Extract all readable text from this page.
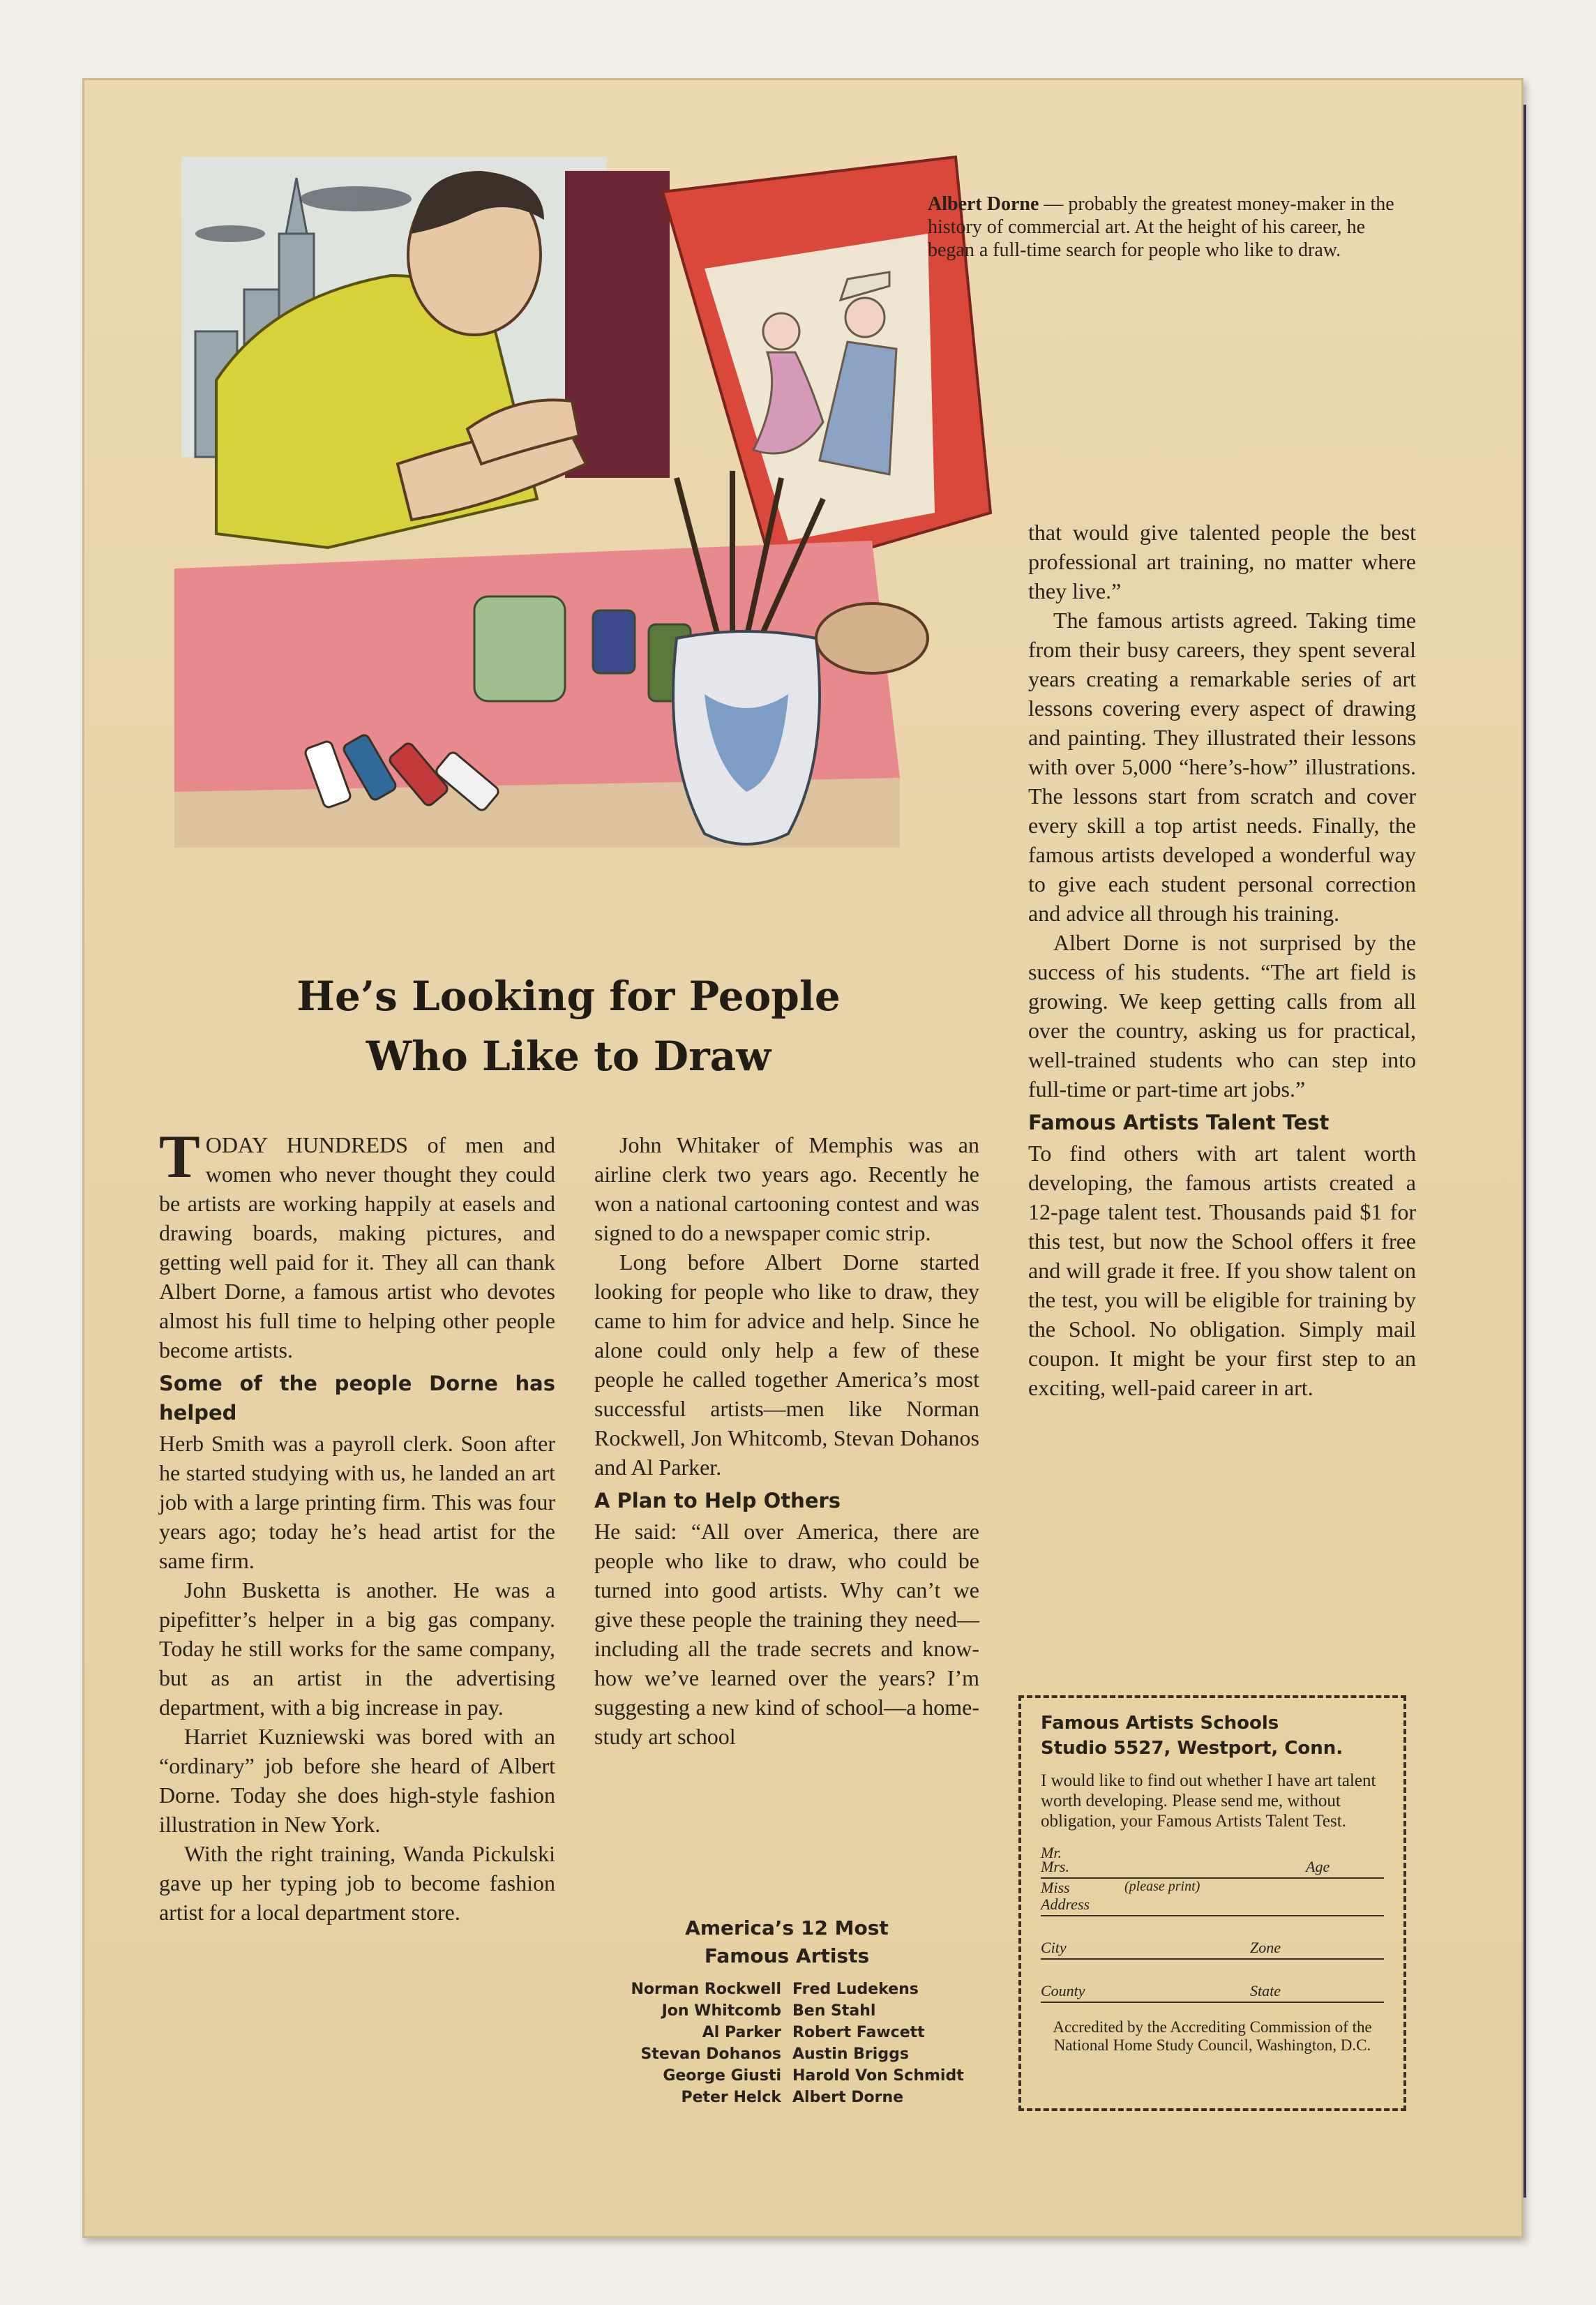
Albert Dorne — probably the greatest money-maker in the history of commercial art. At the height of his career, he began a full-time search for people who like to draw.
He’s Looking for People
Who Like to Draw

TODAY HUNDREDS of men and women who never thought they could be artists are working happily at easels and drawing boards, making pictures, and getting well paid for it. They all can thank Albert Dorne, a famous artist who devotes almost his full time to helping other people become artists.

Some of the people Dorne has helped

Herb Smith was a payroll clerk. Soon after he started studying with us, he landed an art job with a large printing firm. This was four years ago; today he’s head artist for the same firm.

John Busketta is another. He was a pipefitter’s helper in a big gas company. Today he still works for the same company, but as an artist in the advertising department, with a big increase in pay.

Harriet Kuzniewski was bored with an “ordinary” job before she heard of Albert Dorne. Today she does high-style fashion illustration in New York.

With the right training, Wanda Pickulski gave up her typing job to become fashion artist for a local department store.

John Whitaker of Memphis was an airline clerk two years ago. Recently he won a national cartooning contest and was signed to do a newspaper comic strip.

Long before Albert Dorne started looking for people who like to draw, they came to him for advice and help. Since he alone could only help a few of these people he called together America’s most successful artists—men like Norman Rockwell, Jon Whitcomb, Stevan Dohanos and Al Parker.

A Plan to Help Others

He said: “All over America, there are people who like to draw, who could be turned into good artists. Why can’t we give these people the training they need—including all the trade secrets and know-how we’ve learned over the years? I’m suggesting a new kind of school—a home-study art school

that would give talented people the best professional art training, no matter where they live.”

The famous artists agreed. Taking time from their busy careers, they spent several years creating a remarkable series of art lessons covering every aspect of drawing and painting. They illustrated their lessons with over 5,000 “here’s-how” illustrations. The lessons start from scratch and cover every skill a top artist needs. Finally, the famous artists developed a wonderful way to give each student personal correction and advice all through his training.

Albert Dorne is not surprised by the success of his students. “The art field is growing. We keep getting calls from all over the country, asking us for practical, well-trained students who can step into full-time or part-time art jobs.”

Famous Artists Talent Test

To find others with art talent worth developing, the famous artists created a 12-page talent test. Thousands paid $1 for this test, but now the School offers it free and will grade it free. If you show talent on the test, you will be eligible for training by the School. No obligation. Simply mail coupon. It might be your first step to an exciting, well-paid career in art.

America’s 12 Most
Famous Artists
Norman Rockwell	Fred Ludekens
Jon Whitcomb	Ben Stahl
Al Parker	Robert Fawcett
Stevan Dohanos	Austin Briggs
George Giusti	Harold Von Schmidt
Peter Helck	Albert Dorne
Famous Artists Schools
Studio 5527, Westport, Conn.
I would like to find out whether I have art talent worth developing. Please send me, without obligation, your Famous Artists Talent Test.
Mr.
Mrs.	Age
Miss	(please print)
Address
City	Zone
County	State
Accredited by the Accrediting Commission of the National Home Study Council, Washington, D.C.
